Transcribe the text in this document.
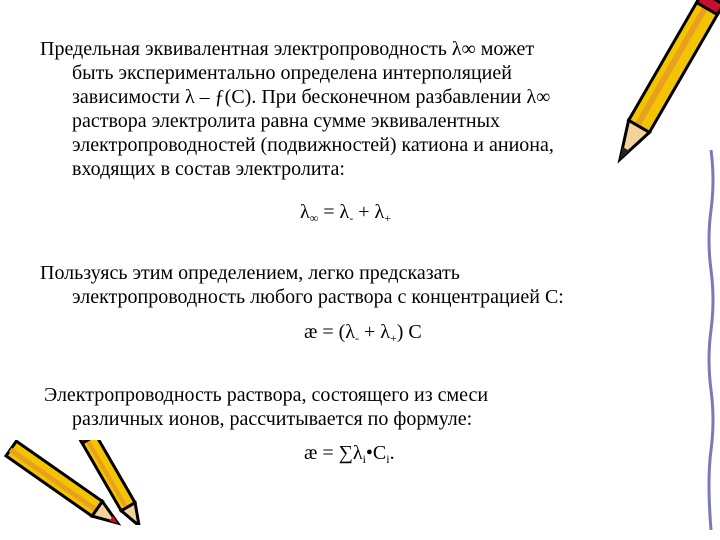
Предельная эквивалентная электропроводность λ∞ может
быть экспериментально определена интерполяцией
зависимости λ – ƒ(С). При бесконечном разбавлении λ∞
раствора электролита равна сумме эквивалентных
электропроводностей (подвижностей) катиона и аниона,
входящих в состав электролита:
$\lambda_\infty = \lambda_- + \lambda_+$
Пользуясь этим определением, легко предсказать
электропроводность любого раствора с концентрацией С:
æ = $(\lambda_- + \lambda_+)$ С
Электропроводность раствора, состоящего из смеси
различных ионов, рассчитывается по формуле:
æ = $\sum\lambda_i•C_i$.
